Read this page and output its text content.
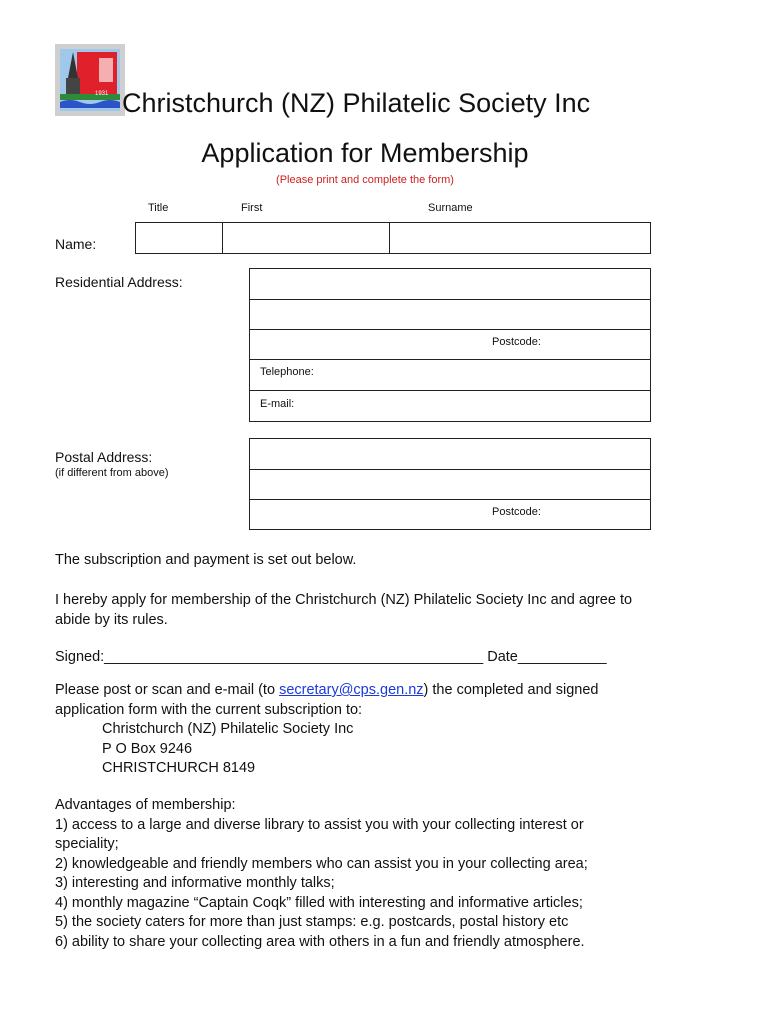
1931 Christchurch (NZ) Philatelic Society Inc
Application for Membership
(Please print and complete the form)
Title	First	Surname
Name:
Residential Address:
Postcode:
Telephone:
E-mail:
Postal Address:
(if different from above)
Postcode:
The subscription and payment is set out below.
I hereby apply for membership of the Christchurch (NZ) Philatelic Society Inc and agree to
abide by its rules.
Signed:_______________________________________________ Date___________
Please post or scan and e-mail (to secretary@cps.gen.nz) the completed and signed
application form with the current subscription to:
Christchurch (NZ) Philatelic Society Inc
P O Box 9246
CHRISTCHURCH 8149
Advantages of membership:
1) access to a large and diverse library to assist you with your collecting interest or
speciality;
2) knowledgeable and friendly members who can assist you in your collecting area;
3) interesting and informative monthly talks;
4) monthly magazine “Captain Coqk” filled with interesting and informative articles;
5) the society caters for more than just stamps: e.g. postcards, postal history etc
6) ability to share your collecting area with others in a fun and friendly atmosphere.
